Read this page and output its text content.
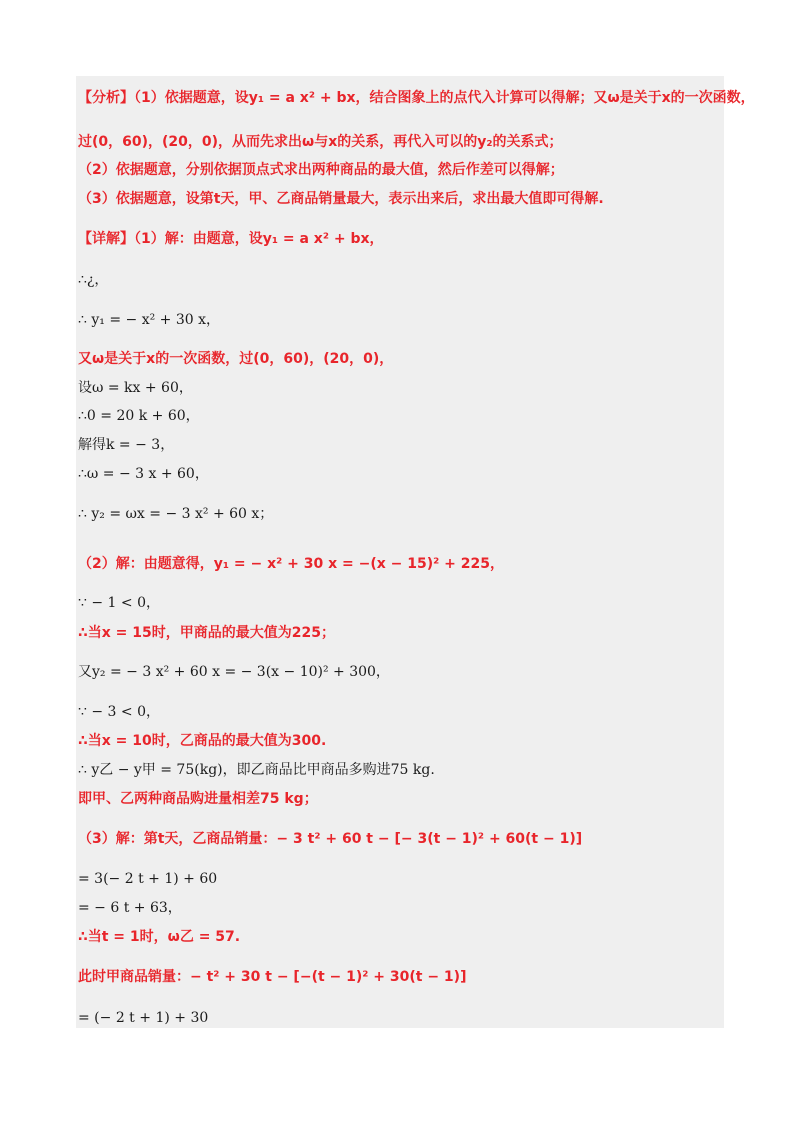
【分析】（1）依据题意，设y₁ = a x² + bx，结合图象上的点代入计算可以得解；又ω是关于x的一次函数，
过(0，60)，(20，0)，从而先求出ω与x的关系，再代入可以的y₂的关系式；
（2）依据题意，分别依据顶点式求出两种商品的最大值，然后作差可以得解；
（3）依据题意，设第t天，甲、乙商品销量最大，表示出来后，求出最大值即可得解.
【详解】（1）解：由题意，设y₁ = a x² + bx，
∴¿，
∴ y₁ = − x² + 30 x，
又ω是关于x的一次函数，过(0，60)，(20，0)，
设ω = kx + 60，
∴0 = 20 k + 60，
解得k = − 3，
∴ω = − 3 x + 60，
∴ y₂ = ωx = − 3 x² + 60 x；
（2）解：由题意得，y₁ = − x² + 30 x = −(x − 15)² + 225，
∵ − 1 < 0，
∴当x = 15时，甲商品的最大值为225；
又y₂ = − 3 x² + 60 x = − 3(x − 10)² + 300，
∵ − 3 < 0，
∴当x = 10时，乙商品的最大值为300.
∴ y乙 − y甲 = 75(kg)，即乙商品比甲商品多购进75 kg.
即甲、乙两种商品购进量相差75 kg；
（3）解：第t天，乙商品销量：− 3 t² + 60 t − [− 3(t − 1)² + 60(t − 1)]
= 3(− 2 t + 1) + 60
= − 6 t + 63，
∴当t = 1时，ω乙 = 57.
此时甲商品销量：− t² + 30 t − [−(t − 1)² + 30(t − 1)]
= (− 2 t + 1) + 30
